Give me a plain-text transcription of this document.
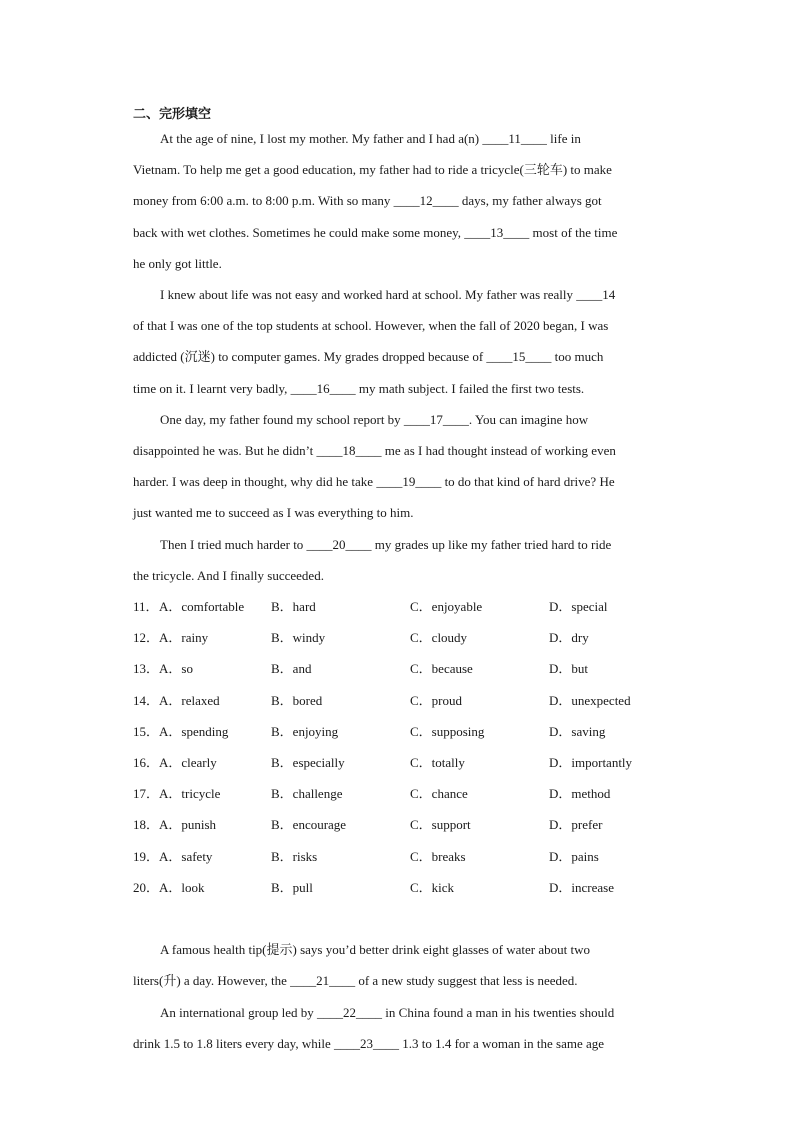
二、完形填空
At the age of nine, I lost my mother. My father and I had a(n) ____11____ life in
Vietnam. To help me get a good education, my father had to ride a tricycle(三轮车) to make
money from 6:00 a.m. to 8:00 p.m. With so many ____12____ days, my father always got
back with wet clothes. Sometimes he could make some money, ____13____ most of the time
he only got little.
I knew about life was not easy and worked hard at school. My father was really ____14
of that I was one of the top students at school. However, when the fall of 2020 began, I was
addicted (沉迷) to computer games. My grades dropped because of ____15____ too much
time on it. I learnt very badly, ____16____ my math subject. I failed the first two tests.
One day, my father found my school report by ____17____. You can imagine how
disappointed he was. But he didn’t ____18____ me as I had thought instead of working even
harder. I was deep in thought, why did he take ____19____ to do that kind of hard drive? He
just wanted me to succeed as I was everything to him.
Then I tried much harder to ____20____ my grades up like my father tried hard to ride
the tricycle. And I finally succeeded.
11． A．comfortable B．hard	C．enjoyable	D．special
12． A．rainy	B．windy	C．cloudy	D．dry
13． A．so	B．and	C．because	D．but
14． A．relaxed	B．bored	C．proud	D．unexpected
15． A．spending	B．enjoying	C．supposing	D．saving
16． A．clearly	B．especially	C．totally	D．importantly
17． A．tricycle	B．challenge	C．chance	D．method
18． A．punish	B．encourage	C．support	D．prefer
19． A．safety	B．risks	C．breaks	D．pains
20． A．look	B．pull	C．kick	D．increase
A famous health tip(提示) says you’d better drink eight glasses of water about two
liters(升) a day. However, the ____21____ of a new study suggest that less is needed.
An international group led by ____22____ in China found a man in his twenties should
drink 1.5 to 1.8 liters every day, while ____23____ 1.3 to 1.4 for a woman in the same age
